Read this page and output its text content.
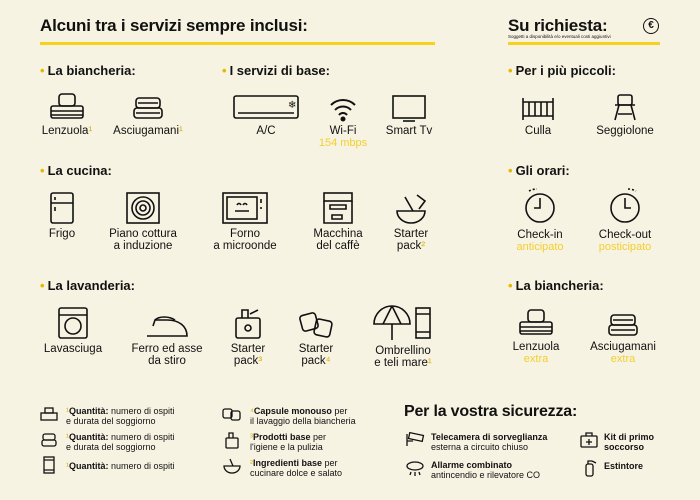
Alcuni tra i servizi sempre inclusi:	Su richiesta:
Soggetti a disponibilità e/o eventuali costi aggiuntivi
€
• La biancheria:	• I servizi di base:	• Per i più piccoli:
• La cucina:	• Gli orari:
• La lavanderia:	• La biancheria:
Lenzuola¹	Asciugamani¹
❄
A/C	Wi-Fi
154 mbps
Smart Tv	Culla	Seggiolone
Frigo	Piano cottura
a induzione
Forno
a microonde
Macchina
del caffè
Starter
pack²
Check-in
anticipato
Check-out
posticipato
Lavasciuga	Ferro ed asse
da stiro
Starter
pack³
Starter
pack⁴
Ombrellino
e teli mare¹
Lenzuola
extra
Asciugamani
extra
¹Quantità: numero di ospiti
e durata del soggiorno
¹Quantità: numero di ospiti
e durata del soggiorno
¹Quantità: numero di ospiti
⁴Capsule monouso per
il lavaggio della biancheria
³Prodotti base per
l'igiene e la pulizia
²Ingredienti base per
cucinare dolce e salato
Per la vostra sicurezza:
Telecamera di sorveglianza
esterna a circuito chiuso
Allarme combinato
antincendio e rilevatore CO
Kit di primo
soccorso
Estintore
